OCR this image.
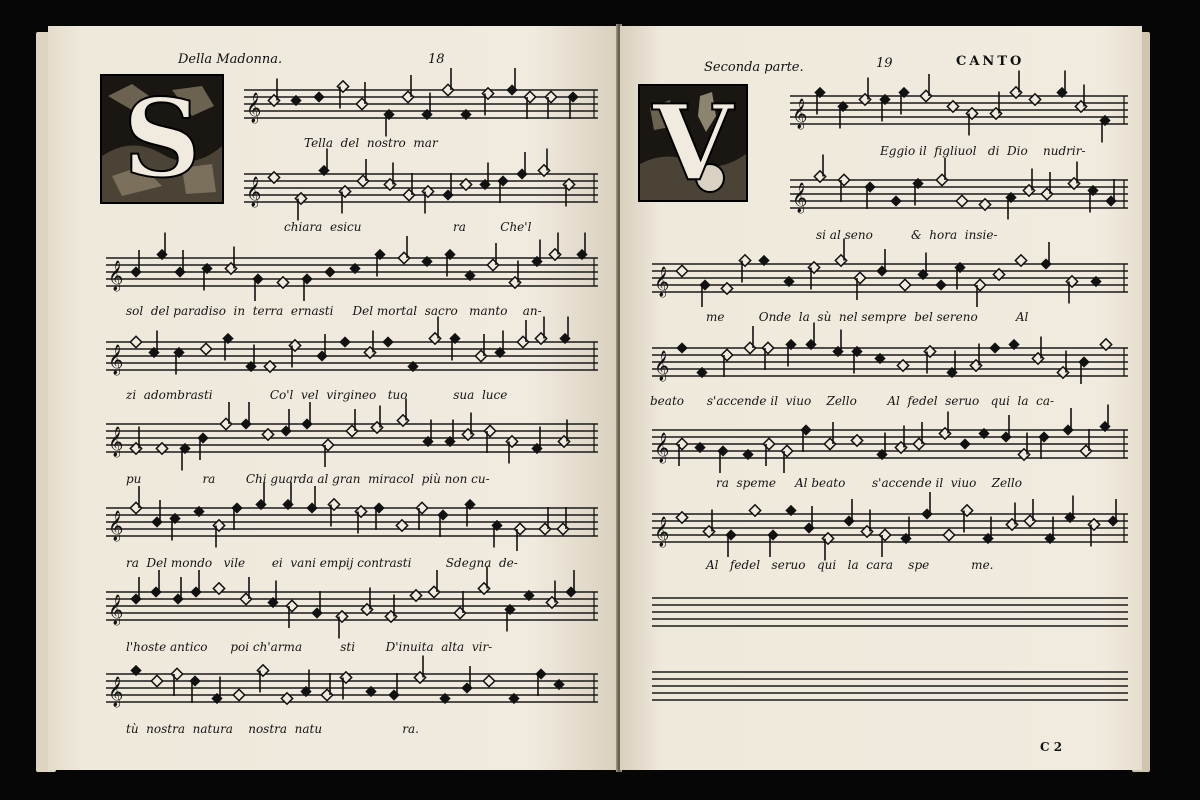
Della Madonna.	18
S	𝄞
𝄞
𝄞
𝄞
𝄞
𝄞
𝄞
𝄞
Tella  del  nostro  mar
chiara  esicu                        ra         Che'l
sol  del paradiso  in  terra  ernasti     Del mortal  sacro   manto    an-
zi  adombrasti               Co'l  vel  virgineo   tuo            sua  luce
pu                ra        Chi guarda al gran  miracol  più non cu-
ra  Del mondo   vile       ei  vani empij contrasti         Sdegna  de-
l'hoste antico      poi ch'arma          sti        D'inuita  alta  vir-
tù  nostra  natura    nostra  natu                     ra.
Seconda parte.	19	CANTO
V	𝄞
𝄞
𝄞
𝄞
𝄞
𝄞
Eggio il  figliuol   di  Dio    nudrir-
si al seno          &  hora  insie-
me         Onde  la  sù  nel sempre  bel sereno          Al
beato      s'accende il  viuo    Zello        Al  fedel  seruo   qui  la  ca-
ra  speme     Al beato       s'accende il  viuo    Zello
Al   fedel   seruo   qui   la  cara    spe           me.
C 2
